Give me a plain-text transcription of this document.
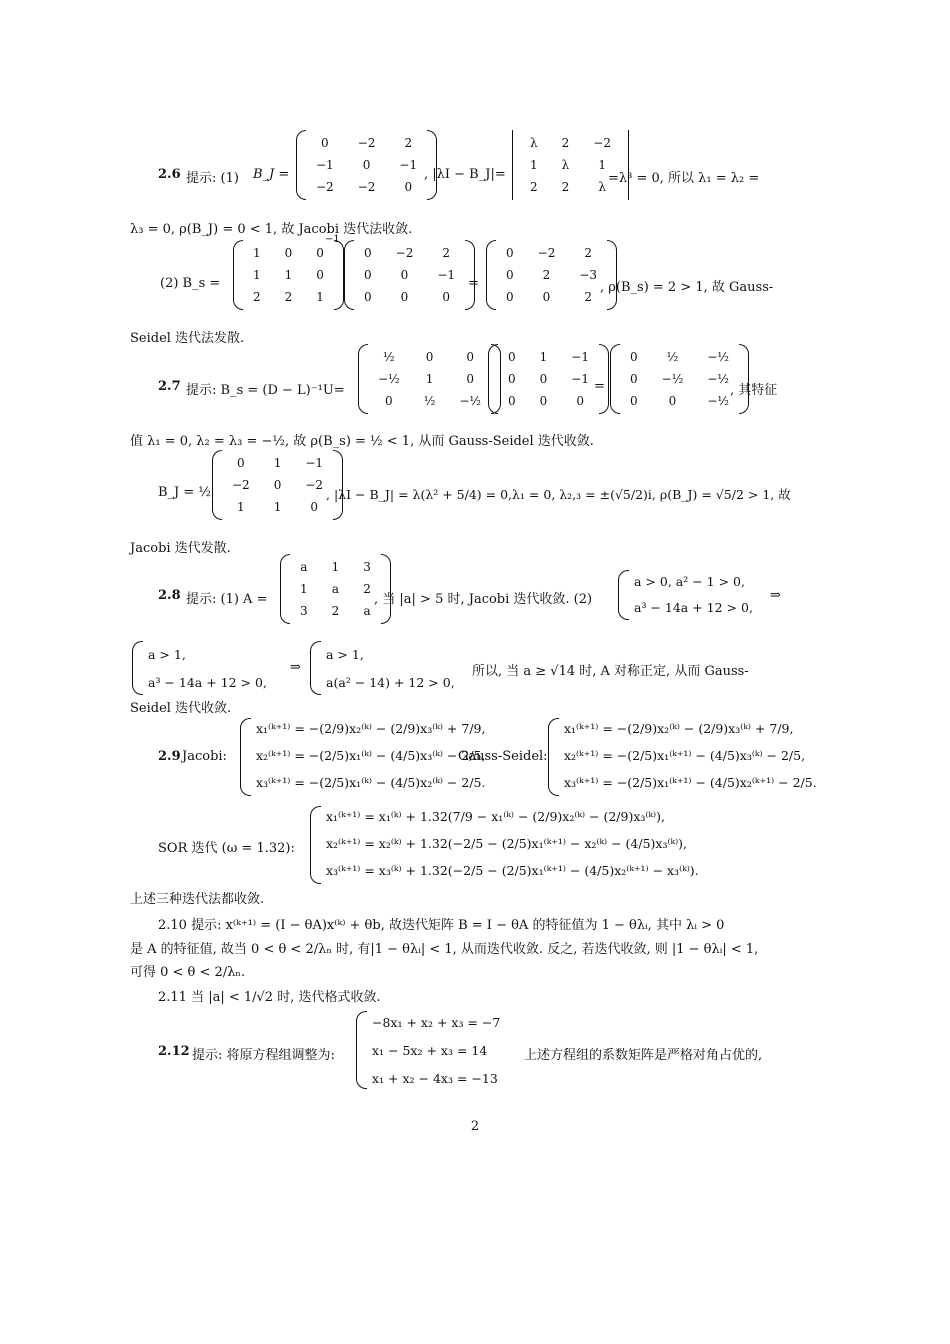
2.6 提示: (1) B_J =
0	−2	2
−1	0	−1
−2	−2	0
, |λI − B_J|=
λ	2	−2
1	λ	1
2	2	λ
=λ³ = 0, 所以 λ₁ = λ₂ =
λ₃ = 0, ρ(B_J) = 0 < 1, 故 Jacobi 迭代法收敛.
(2) B_s =
1	0	0
1	1	0
2	2	1
−1
0	−2	2
0	0	−1
0	0	0
=
0	−2	2
0	2	−3
0	0	2
, ρ(B_s) = 2 > 1, 故 Gauss-
Seidel 迭代法发散.
2.7 提示: B_s = (D − L)⁻¹U=
½	0	0
−½	1	0
0	½	−½
0	1	−1
0	0	−1
0	0	0
=
0	½	−½
0	−½	−½
0	0	−½
, 其特征
值 λ₁ = 0, λ₂ = λ₃ = −½, 故 ρ(B_s) = ½ < 1, 从而 Gauss-Seidel 迭代收敛.
B_J = ½
0	1	−1
−2	0	−2
1	1	0
, |λI − B_J| = λ(λ² + 5/4) = 0,λ₁ = 0, λ₂,₃ = ±(√5/2)i, ρ(B_J) = √5/2 > 1, 故
Jacobi 迭代发散.
2.8 提示: (1) A =
a	1	3
1	a	2
3	2	a
, 当 |a| > 5 时, Jacobi 迭代收敛. (2)
a > 0, a² − 1 > 0,
a³ − 14a + 12 > 0,
⇒
a > 1,
a³ − 14a + 12 > 0,
⇒
a > 1,
a(a² − 14) + 12 > 0,
所以, 当 a ≥ √14 时, A 对称正定, 从而 Gauss-
Seidel 迭代收敛.
2.9 Jacobi:
x₁⁽ᵏ⁺¹⁾ = −(2/9)x₂⁽ᵏ⁾ − (2/9)x₃⁽ᵏ⁾ + 7/9,
x₂⁽ᵏ⁺¹⁾ = −(2/5)x₁⁽ᵏ⁾ − (4/5)x₃⁽ᵏ⁾ − 2/5,
x₃⁽ᵏ⁺¹⁾ = −(2/5)x₁⁽ᵏ⁾ − (4/5)x₂⁽ᵏ⁾ − 2/5.
Gauss-Seidel:
x₁⁽ᵏ⁺¹⁾ = −(2/9)x₂⁽ᵏ⁾ − (2/9)x₃⁽ᵏ⁾ + 7/9,
x₂⁽ᵏ⁺¹⁾ = −(2/5)x₁⁽ᵏ⁺¹⁾ − (4/5)x₃⁽ᵏ⁾ − 2/5,
x₃⁽ᵏ⁺¹⁾ = −(2/5)x₁⁽ᵏ⁺¹⁾ − (4/5)x₂⁽ᵏ⁺¹⁾ − 2/5.
SOR 迭代 (ω = 1.32):
x₁⁽ᵏ⁺¹⁾ = x₁⁽ᵏ⁾ + 1.32(7/9 − x₁⁽ᵏ⁾ − (2/9)x₂⁽ᵏ⁾ − (2/9)x₃⁽ᵏ⁾),
x₂⁽ᵏ⁺¹⁾ = x₂⁽ᵏ⁾ + 1.32(−2/5 − (2/5)x₁⁽ᵏ⁺¹⁾ − x₂⁽ᵏ⁾ − (4/5)x₃⁽ᵏ⁾),
x₃⁽ᵏ⁺¹⁾ = x₃⁽ᵏ⁾ + 1.32(−2/5 − (2/5)x₁⁽ᵏ⁺¹⁾ − (4/5)x₂⁽ᵏ⁺¹⁾ − x₃⁽ᵏ⁾).
上述三种迭代法都收敛.
2.10 提示: x⁽ᵏ⁺¹⁾ = (I − θA)x⁽ᵏ⁾ + θb, 故迭代矩阵 B = I − θA 的特征值为 1 − θλᵢ, 其中 λᵢ > 0
是 A 的特征值, 故当 0 < θ < 2/λₙ 时, 有|1 − θλᵢ| < 1, 从而迭代收敛. 反之, 若迭代收敛, 则 |1 − θλᵢ| < 1,
可得 0 < θ < 2/λₙ.
2.11 当 |a| < 1/√2 时, 迭代格式收敛.
2.12 提示: 将原方程组调整为:
−8x₁ + x₂ + x₃ = −7
x₁ − 5x₂ + x₃ = 14
x₁ + x₂ − 4x₃ = −13
上述方程组的系数矩阵是严格对角占优的,
2
